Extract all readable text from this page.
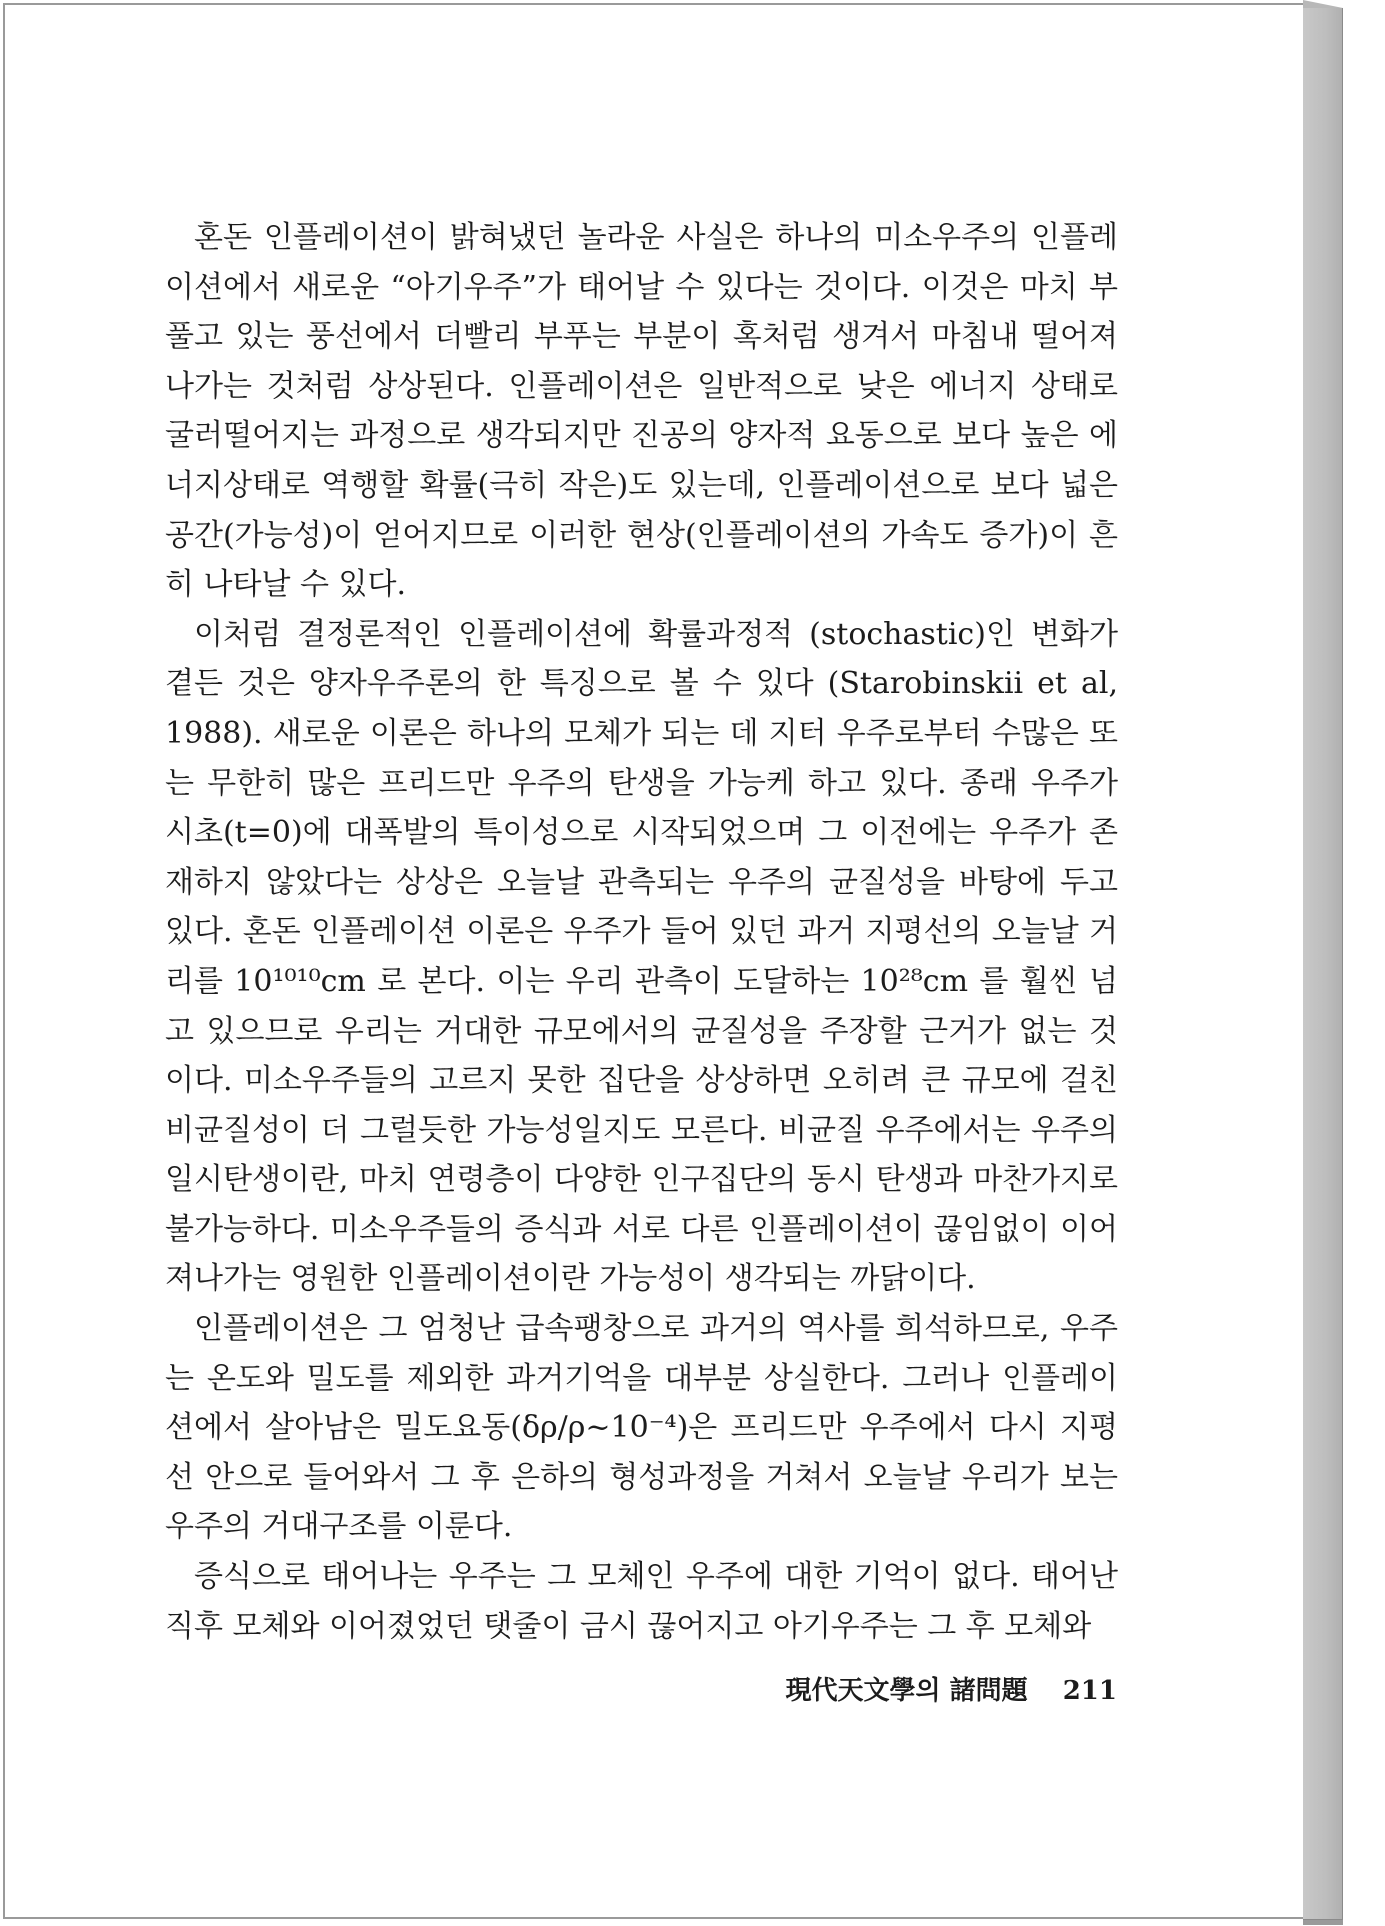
혼돈 인플레이션이 밝혀냈던 놀라운 사실은 하나의 미소우주의 인플레이션에서 새로운 “아기우주”가 태어날 수 있다는 것이다. 이것은 마치 부풀고 있는 풍선에서 더빨리 부푸는 부분이 혹처럼 생겨서 마침내 떨어져 나가는 것처럼 상상된다. 인플레이션은 일반적으로 낮은 에너지 상태로 굴러떨어지는 과정으로 생각되지만 진공의 양자적 요동으로 보다 높은 에너지상태로 역행할 확률(극히 작은)도 있는데, 인플레이션으로 보다 넓은 공간(가능성)이 얻어지므로 이러한 현상(인플레이션의 가속도 증가)이 흔히 나타날 수 있다.

이처럼 결정론적인 인플레이션에 확률과정적 (stochastic)인 변화가 곁든 것은 양자우주론의 한 특징으로 볼 수 있다 (Starobinskii et al, 1988). 새로운 이론은 하나의 모체가 되는 데 지터 우주로부터 수많은 또는 무한히 많은 프리드만 우주의 탄생을 가능케 하고 있다. 종래 우주가 시초(t=0)에 대폭발의 특이성으로 시작되었으며 그 이전에는 우주가 존재하지 않았다는 상상은 오늘날 관측되는 우주의 균질성을 바탕에 두고 있다. 혼돈 인플레이션 이론은 우주가 들어 있던 과거 지평선의 오늘날 거리를 10¹⁰¹⁰cm 로 본다. 이는 우리 관측이 도달하는 10²⁸cm 를 훨씬 넘고 있으므로 우리는 거대한 규모에서의 균질성을 주장할 근거가 없는 것이다. 미소우주들의 고르지 못한 집단을 상상하면 오히려 큰 규모에 걸친 비균질성이 더 그럴듯한 가능성일지도 모른다. 비균질 우주에서는 우주의 일시탄생이란, 마치 연령층이 다양한 인구집단의 동시 탄생과 마찬가지로 불가능하다. 미소우주들의 증식과 서로 다른 인플레이션이 끊임없이 이어져나가는 영원한 인플레이션이란 가능성이 생각되는 까닭이다.

인플레이션은 그 엄청난 급속팽창으로 과거의 역사를 희석하므로, 우주는 온도와 밀도를 제외한 과거기억을 대부분 상실한다. 그러나 인플레이션에서 살아남은 밀도요동(δρ/ρ~10⁻⁴)은 프리드만 우주에서 다시 지평선 안으로 들어와서 그 후 은하의 형성과정을 거쳐서 오늘날 우리가 보는 우주의 거대구조를 이룬다.

증식으로 태어나는 우주는 그 모체인 우주에 대한 기억이 없다. 태어난 직후 모체와 이어졌었던 탯줄이 금시 끊어지고 아기우주는 그 후 모체와

現代天文學의 諸問題 211
